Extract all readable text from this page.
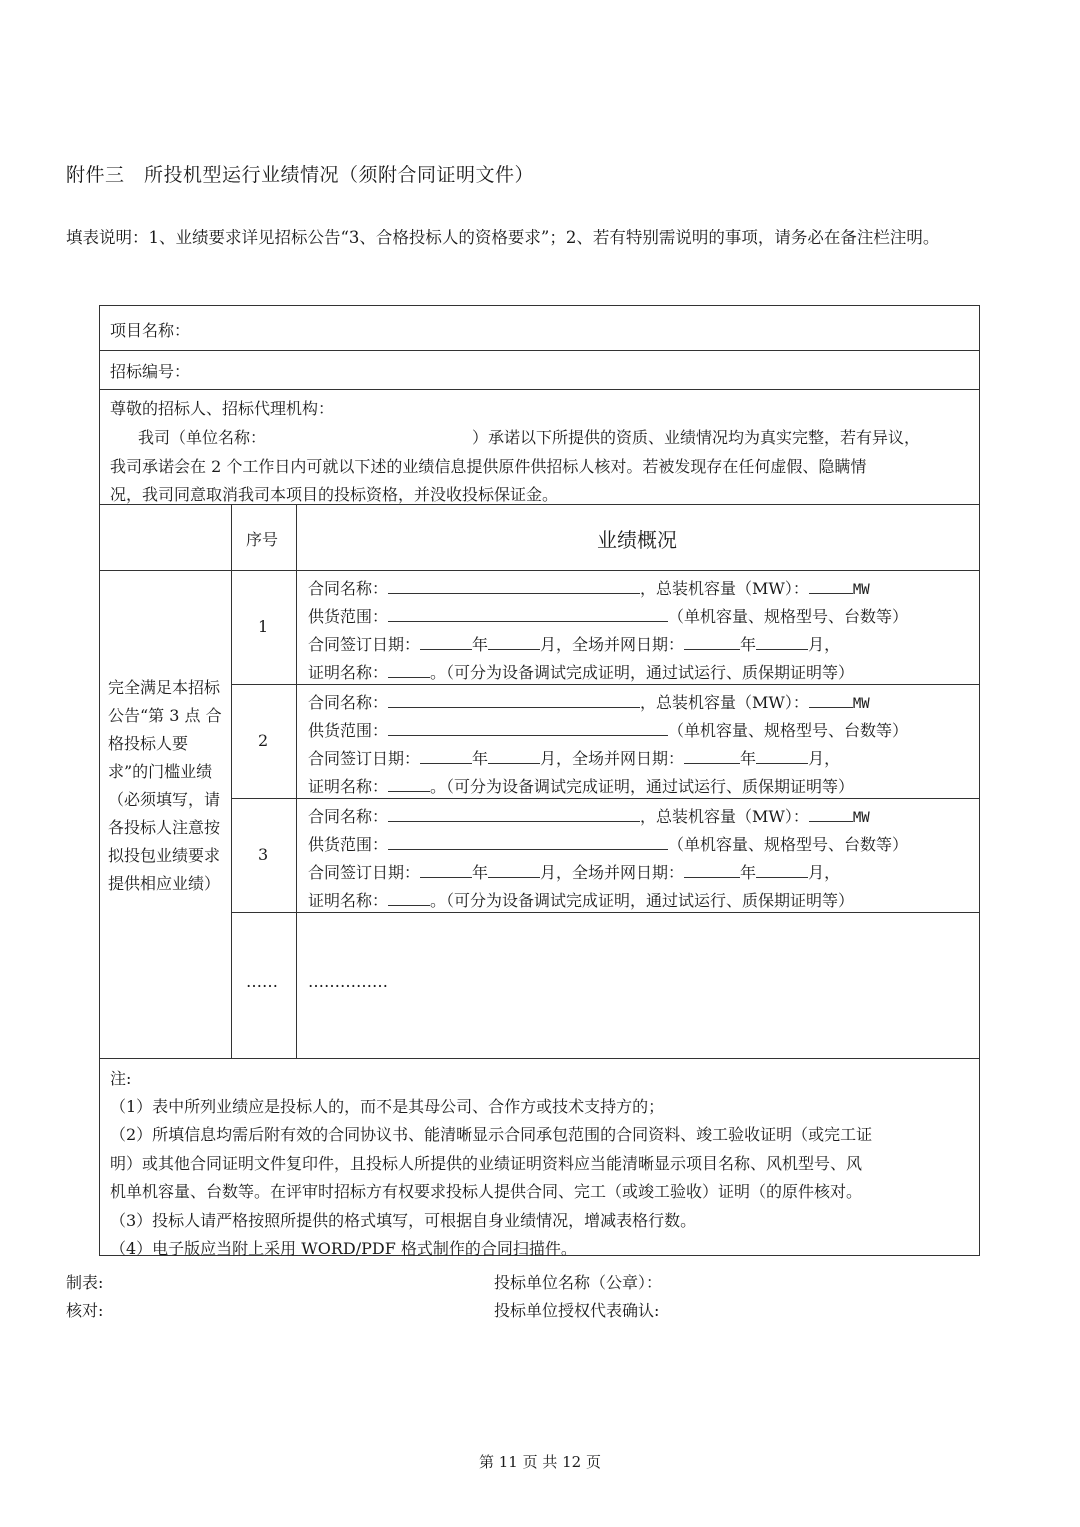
附件三　所投机型运行业绩情况（须附合同证明文件）
填表说明：1、业绩要求详见招标公告“3、合格投标人的资格要求”；2、若有特别需说明的事项，请务必在备注栏注明。
项目名称：
招标编号：
尊敬的招标人、招标代理机构：
我司（单位名称：	）承诺以下所提供的资质、业绩情况均为真实完整，若有异议，
我司承诺会在 2 个工作日内可就以下述的业绩信息提供原件供招标人核对。若被发现存在任何虚假、隐瞒情
况，我司同意取消我司本项目的投标资格，并没收投标保证金。
序号	业绩概况
完全满足本招标公告“第 3 点 合格投标人要求”的门槛业绩（必须填写，请各投标人注意按拟投包业绩要求提供相应业绩）
1
合同名称：	，总装机容量（MW）：	MW
供货范围：	（单机容量、规格型号、台数等）
合同签订日期：	年	月，全场并网日期：	年	月，
证明名称：	。（可分为设备调试完成证明，通过试运行、质保期证明等）
2
合同名称：	，总装机容量（MW）：	MW
供货范围：	（单机容量、规格型号、台数等）
合同签订日期：	年	月，全场并网日期：	年	月，
证明名称：	。（可分为设备调试完成证明，通过试运行、质保期证明等）
3
合同名称：	，总装机容量（MW）：	MW
供货范围：	（单机容量、规格型号、台数等）
合同签订日期：	年	月，全场并网日期：	年	月，
证明名称：	。（可分为设备调试完成证明，通过试运行、质保期证明等）
…… ……………
注:
（1）表中所列业绩应是投标人的，而不是其母公司、合作方或技术支持方的；
（2）所填信息均需后附有效的合同协议书、能清晰显示合同承包范围的合同资料、竣工验收证明（或完工证
明）或其他合同证明文件复印件，且投标人所提供的业绩证明资料应当能清晰显示项目名称、风机型号、风
机单机容量、台数等。在评审时招标方有权要求投标人提供合同、完工（或竣工验收）证明（的原件核对。
（3）投标人请严格按照所提供的格式填写，可根据自身业绩情况，增减表格行数。
（4）电子版应当附上采用 WORD/PDF 格式制作的合同扫描件。
制表:
核对:
投标单位名称（公章）：
投标单位授权代表确认:
第 11 页 共 12 页
